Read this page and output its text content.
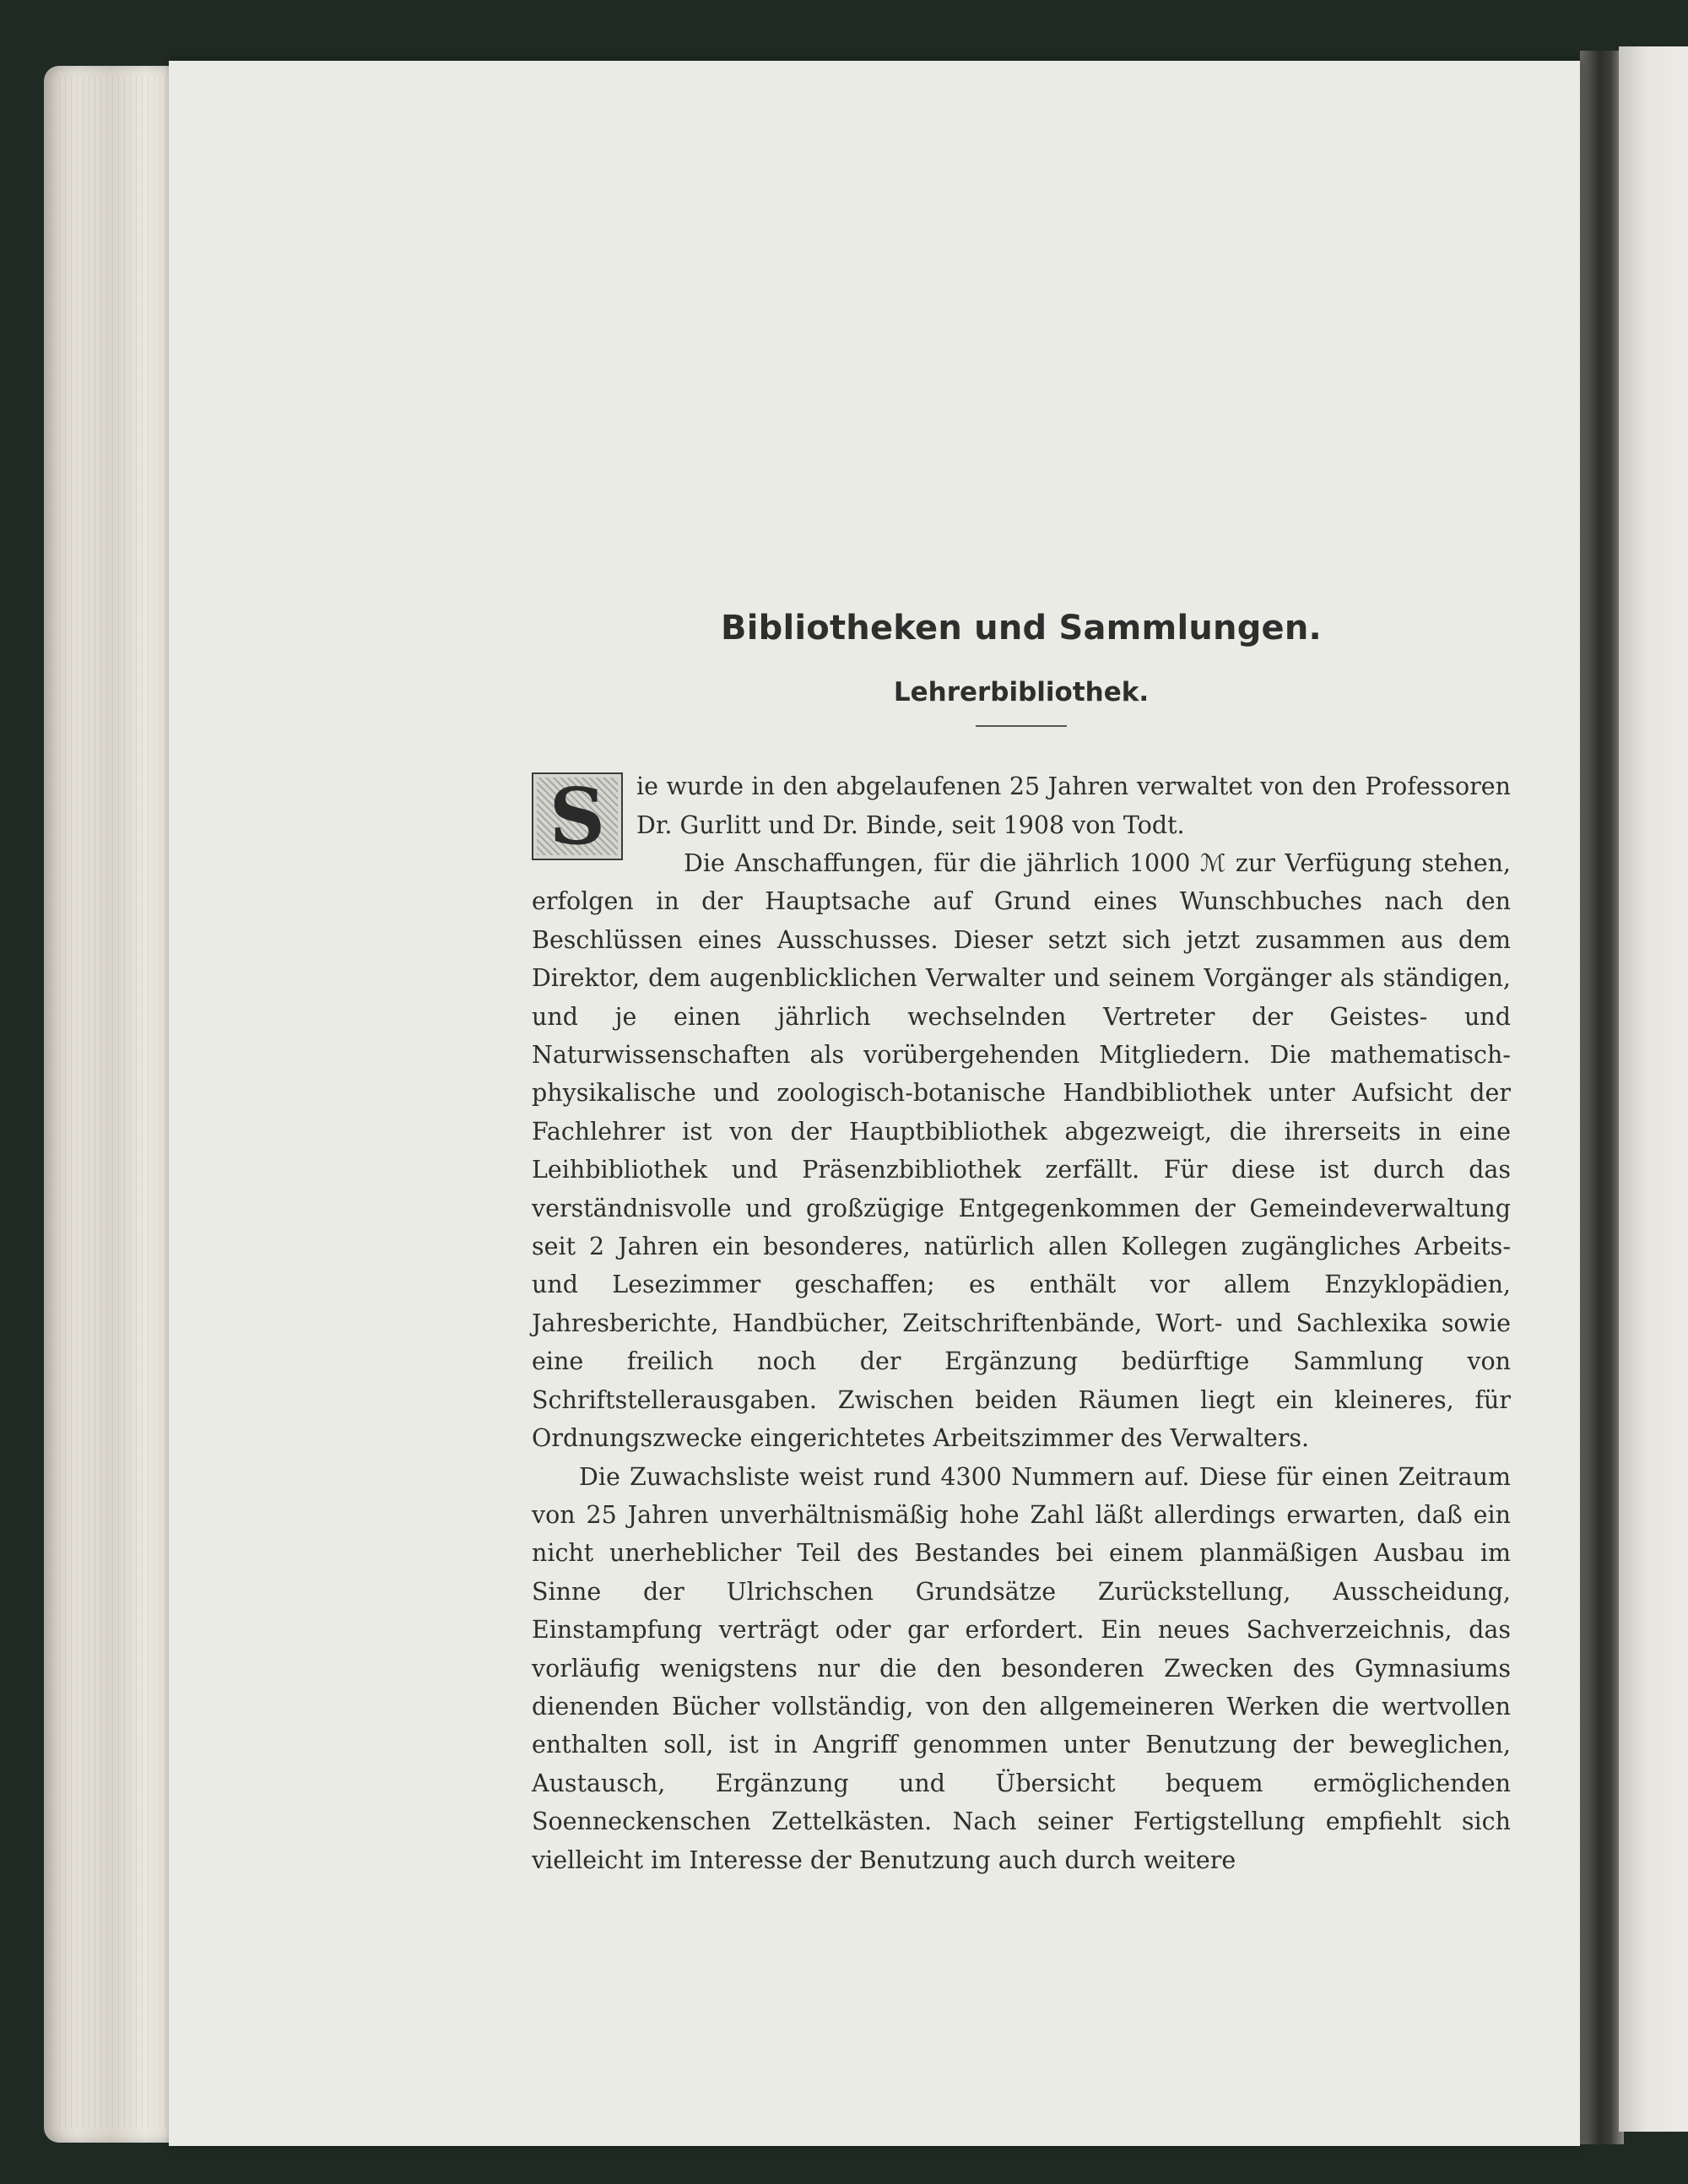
Bibliotheken und Sammlungen.
Lehrerbibliothek.
S	ie wurde in den abgelaufenen 25 Jahren verwaltet von den Professoren Dr. Gurlitt und Dr. Binde, seit 1908 von Todt.

Die Anschaffungen, für die jährlich 1000 ℳ zur Verfügung stehen, erfolgen in der Hauptsache auf Grund eines Wunschbuches nach den Beschlüssen eines Ausschusses. Dieser setzt sich jetzt zusammen aus dem Direktor, dem augenblicklichen Verwalter und seinem Vorgänger als ständigen, und je einen jährlich wechselnden Vertreter der Geistes- und Naturwissenschaften als vorübergehenden Mitgliedern. Die mathematisch-physikalische und zoologisch-botanische Handbibliothek unter Aufsicht der Fachlehrer ist von der Hauptbibliothek abgezweigt, die ihrerseits in eine Leihbibliothek und Präsenzbibliothek zerfällt. Für diese ist durch das verständnisvolle und großzügige Entgegenkommen der Gemeindeverwaltung seit 2 Jahren ein besonderes, natürlich allen Kollegen zugängliches Arbeits- und Lesezimmer geschaffen; es enthält vor allem Enzyklopädien, Jahresberichte, Handbücher, Zeitschriftenbände, Wort- und Sachlexika sowie eine freilich noch der Ergänzung bedürftige Sammlung von Schriftstellerausgaben. Zwischen beiden Räumen liegt ein kleineres, für Ordnungszwecke eingerichtetes Arbeitszimmer des Verwalters.

Die Zuwachsliste weist rund 4300 Nummern auf. Diese für einen Zeitraum von 25 Jahren unverhältnismäßig hohe Zahl läßt allerdings erwarten, daß ein nicht unerheblicher Teil des Bestandes bei einem planmäßigen Ausbau im Sinne der Ulrichschen Grundsätze Zurückstellung, Ausscheidung, Einstampfung verträgt oder gar erfordert. Ein neues Sachverzeichnis, das vorläufig wenigstens nur die den besonderen Zwecken des Gymnasiums dienenden Bücher vollständig, von den allgemeineren Werken die wertvollen enthalten soll, ist in Angriff genommen unter Benutzung der beweglichen, Austausch, Ergänzung und Übersicht bequem ermöglichenden Soenneckenschen Zettelkästen. Nach seiner Fertigstellung empfiehlt sich vielleicht im Interesse der Benutzung auch durch weitere
